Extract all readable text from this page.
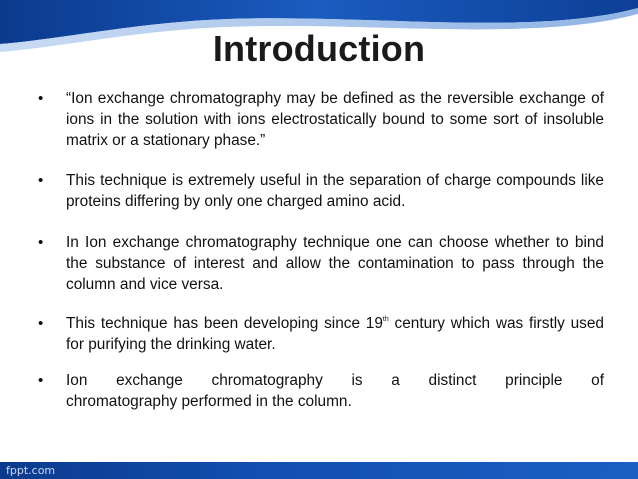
Introduction
• “Ion exchange chromatography may be defined as the reversible exchange of ions in the solution with ions electrostatically bound to some sort of insoluble matrix or a stationary phase.”
• This technique is extremely useful in the separation of charge compounds like proteins differing by only one charged amino acid.
• In Ion exchange chromatography technique one can choose whether to bind the substance of interest and allow the contamination to pass through the column and vice versa.
• This technique has been developing since 19th century which was firstly used for purifying the drinking water.
• Ion exchange chromatography is a distinct principle of
chromatography performed in the column.
fppt.com
